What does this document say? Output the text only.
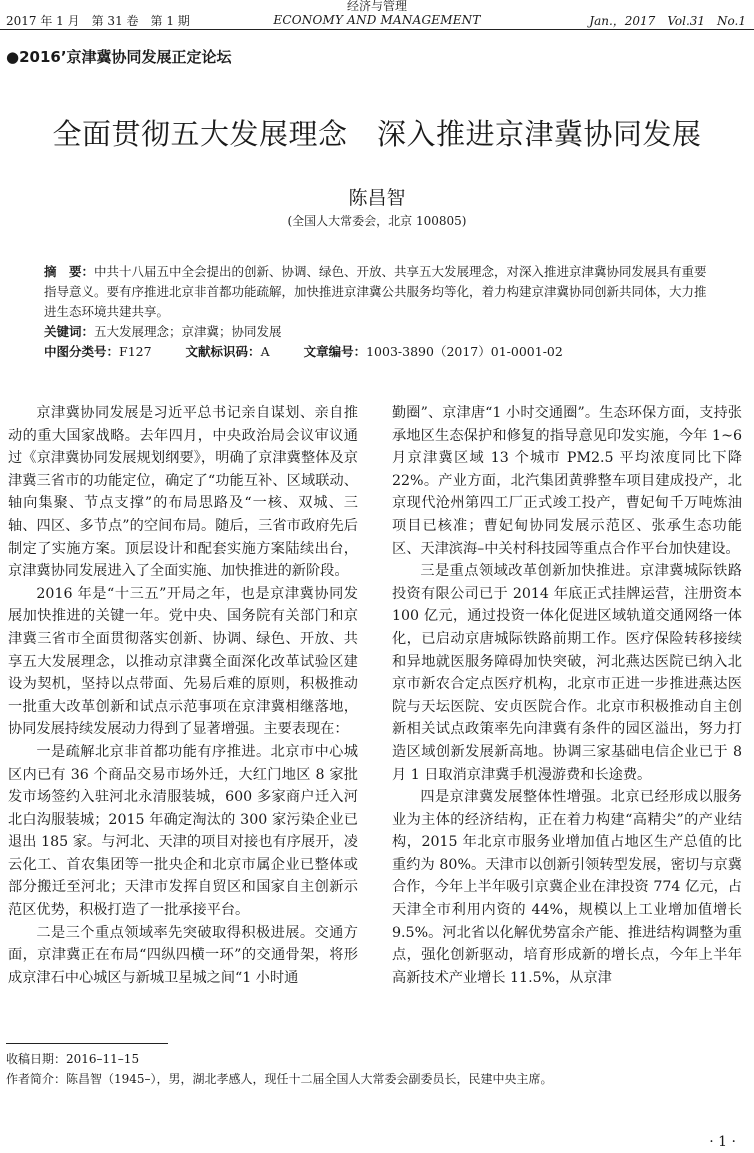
2017 年 1 月　第 31 卷　第 1 期
经济与管理
ECONOMY AND MANAGEMENT	Jan.，2017　Vol.31　No.1
●2016’京津冀协同发展正定论坛
全面贯彻五大发展理念　深入推进京津冀协同发展
陈昌智
(全国人大常委会，北京 100805)

摘　要：中共十八届五中全会提出的创新、协调、绿色、开放、共享五大发展理念，对深入推进京津冀协同发展具有重要指导意义。要有序推进北京非首都功能疏解，加快推进京津冀公共服务均等化，着力构建京津冀协同创新共同体，大力推进生态环境共建共享。

关键词：五大发展理念；京津冀；协同发展

中图分类号：F127	文献标识码：A	文章编号：1003-3890（2017）01-0001-02

京津冀协同发展是习近平总书记亲自谋划、亲自推动的重大国家战略。去年四月，中央政治局会议审议通过《京津冀协同发展规划纲要》，明确了京津冀整体及京津冀三省市的功能定位，确定了“功能互补、区域联动、轴向集聚、节点支撑”的布局思路及“一核、双城、三轴、四区、多节点”的空间布局。随后，三省市政府先后制定了实施方案。顶层设计和配套实施方案陆续出台，京津冀协同发展进入了全面实施、加快推进的新阶段。

2016 年是“十三五”开局之年，也是京津冀协同发展加快推进的关键一年。党中央、国务院有关部门和京津冀三省市全面贯彻落实创新、协调、绿色、开放、共享五大发展理念，以推动京津冀全面深化改革试验区建设为契机，坚持以点带面、先易后难的原则，积极推动一批重大改革创新和试点示范事项在京津冀相继落地，协同发展持续发展动力得到了显著增强。主要表现在：

一是疏解北京非首都功能有序推进。北京市中心城区内已有 36 个商品交易市场外迁，大红门地区 8 家批发市场签约入驻河北永清服装城，600 多家商户迁入河北白沟服装城；2015 年确定淘汰的 300 家污染企业已退出 185 家。与河北、天津的项目对接也有序展开，凌云化工、首农集团等一批央企和北京市属企业已整体或部分搬迁至河北；天津市发挥自贸区和国家自主创新示范区优势，积极打造了一批承接平台。

二是三个重点领域率先突破取得积极进展。交通方面，京津冀正在布局“四纵四横一环”的交通骨架，将形成京津石中心城区与新城卫星城之间“1 小时通

勤圈”、京津唐“1 小时交通圈”。生态环保方面，支持张承地区生态保护和修复的指导意见印发实施，今年 1~6 月京津冀区域 13 个城市 PM2.5 平均浓度同比下降 22%。产业方面，北汽集团黄骅整车项目建成投产，北京现代沧州第四工厂正式竣工投产，曹妃甸千万吨炼油项目已核准；曹妃甸协同发展示范区、张承生态功能区、天津滨海–中关村科技园等重点合作平台加快建设。

三是重点领域改革创新加快推进。京津冀城际铁路投资有限公司已于 2014 年底正式挂牌运营，注册资本 100 亿元，通过投资一体化促进区域轨道交通网络一体化，已启动京唐城际铁路前期工作。医疗保险转移接续和异地就医服务障碍加快突破，河北燕达医院已纳入北京市新农合定点医疗机构，北京市正进一步推进燕达医院与天坛医院、安贞医院合作。北京市积极推动自主创新相关试点政策率先向津冀有条件的园区溢出，努力打造区域创新发展新高地。协调三家基础电信企业已于 8 月 1 日取消京津冀手机漫游费和长途费。

四是京津冀发展整体性增强。北京已经形成以服务业为主体的经济结构，正在着力构建“高精尖”的产业结构，2015 年北京市服务业增加值占地区生产总值的比重约为 80%。天津市以创新引领转型发展，密切与京冀合作，今年上半年吸引京冀企业在津投资 774 亿元，占天津全市利用内资的 44%，规模以上工业增加值增长 9.5%。河北省以化解优势富余产能、推进结构调整为重点，强化创新驱动，培育形成新的增长点，今年上半年高新技术产业增长 11.5%，从京津

收稿日期：2016–11–15

作者简介：陈昌智（1945–），男，湖北孝感人，现任十二届全国人大常委会副委员长，民建中央主席。

· 1 ·
